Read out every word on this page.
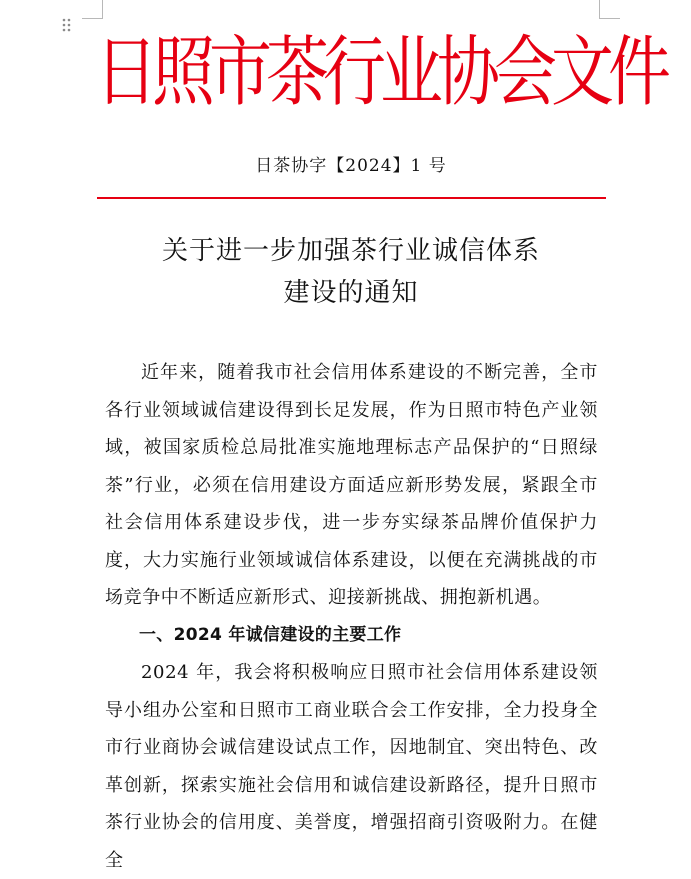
日照市茶行业协会文件
日茶协字【2024】1 号
关于进一步加强茶行业诚信体系
建设的通知

近年来，随着我市社会信用体系建设的不断完善，全市各行业领域诚信建设得到长足发展，作为日照市特色产业领域，被国家质检总局批准实施地理标志产品保护的“日照绿茶”行业，必须在信用建设方面适应新形势发展，紧跟全市社会信用体系建设步伐，进一步夯实绿茶品牌价值保护力度，大力实施行业领域诚信体系建设，以便在充满挑战的市场竞争中不断适应新形式、迎接新挑战、拥抱新机遇。

一、2024 年诚信建设的主要工作

2024 年，我会将积极响应日照市社会信用体系建设领导小组办公室和日照市工商业联合会工作安排，全力投身全市行业商协会诚信建设试点工作，因地制宜、突出特色、改革创新，探索实施社会信用和诚信建设新路径，提升日照市茶行业协会的信用度、美誉度，增强招商引资吸附力。在健全
